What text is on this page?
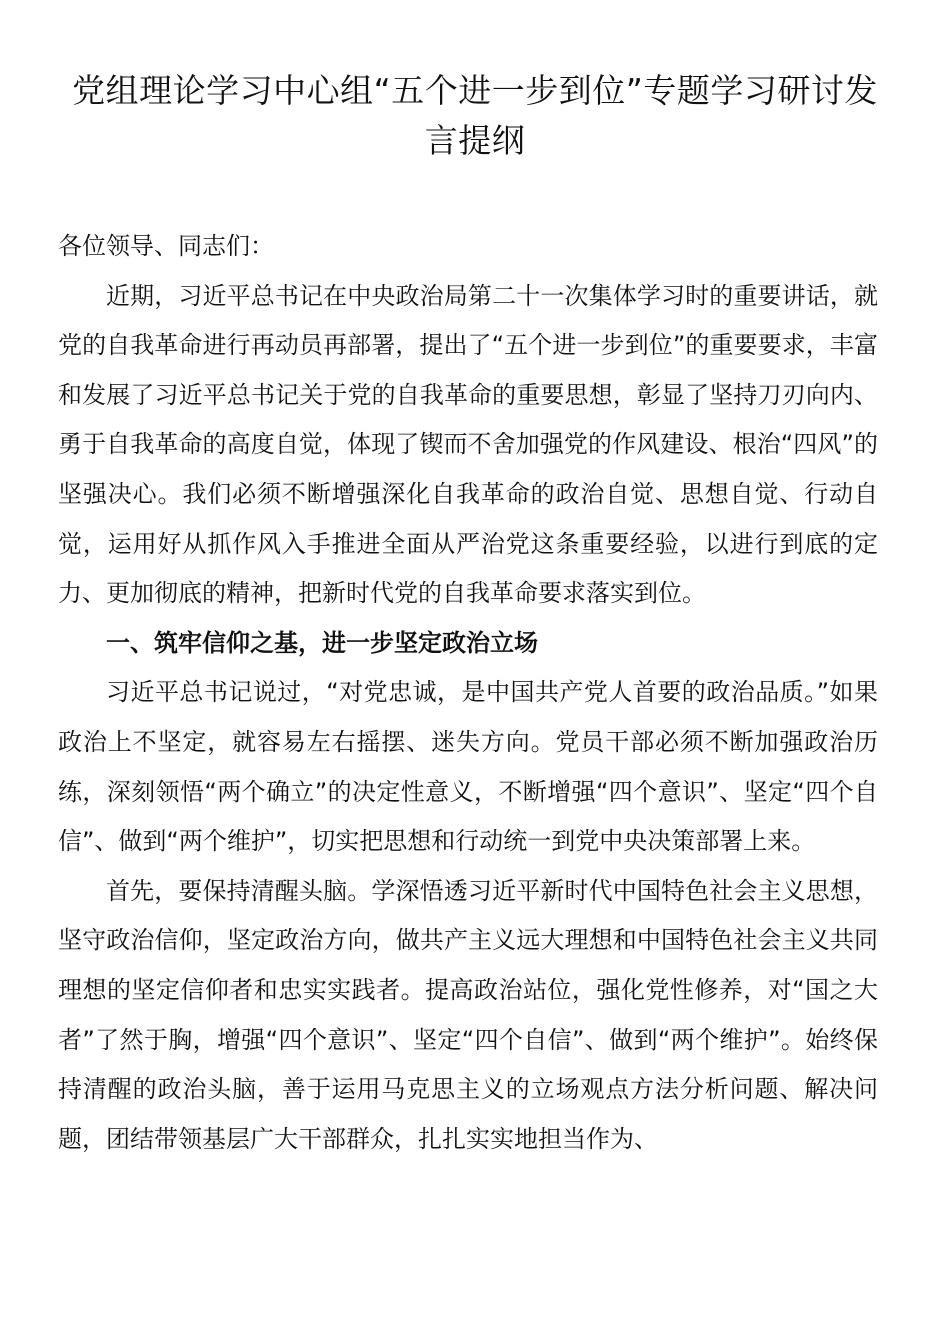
党组理论学习中心组“五个进一步到位”专题学习研讨发言提纲

各位领导、同志们：

近期，习近平总书记在中央政治局第二十一次集体学习时的重要讲话，就党的自我革命进行再动员再部署，提出了“五个进一步到位”的重要要求，丰富和发展了习近平总书记关于党的自我革命的重要思想，彰显了坚持刀刃向内、勇于自我革命的高度自觉，体现了锲而不舍加强党的作风建设、根治“四风”的坚强决心。我们必须不断增强深化自我革命的政治自觉、思想自觉、行动自觉，运用好从抓作风入手推进全面从严治党这条重要经验，以进行到底的定力、更加彻底的精神，把新时代党的自我革命要求落实到位。

一、筑牢信仰之基，进一步坚定政治立场

习近平总书记说过，“对党忠诚，是中国共产党人首要的政治品质。”如果政治上不坚定，就容易左右摇摆、迷失方向。党员干部必须不断加强政治历练，深刻领悟“两个确立”的决定性意义，不断增强“四个意识”、坚定“四个自信”、做到“两个维护”，切实把思想和行动统一到党中央决策部署上来。

首先，要保持清醒头脑。学深悟透习近平新时代中国特色社会主义思想，坚守政治信仰，坚定政治方向，做共产主义远大理想和中国特色社会主义共同理想的坚定信仰者和忠实实践者。提高政治站位，强化党性修养，对“国之大者”了然于胸，增强“四个意识”、坚定“四个自信”、做到“两个维护”。始终保持清醒的政治头脑，善于运用马克思主义的立场观点方法分析问题、解决问题，团结带领基层广大干部群众，扎扎实实地担当作为、
